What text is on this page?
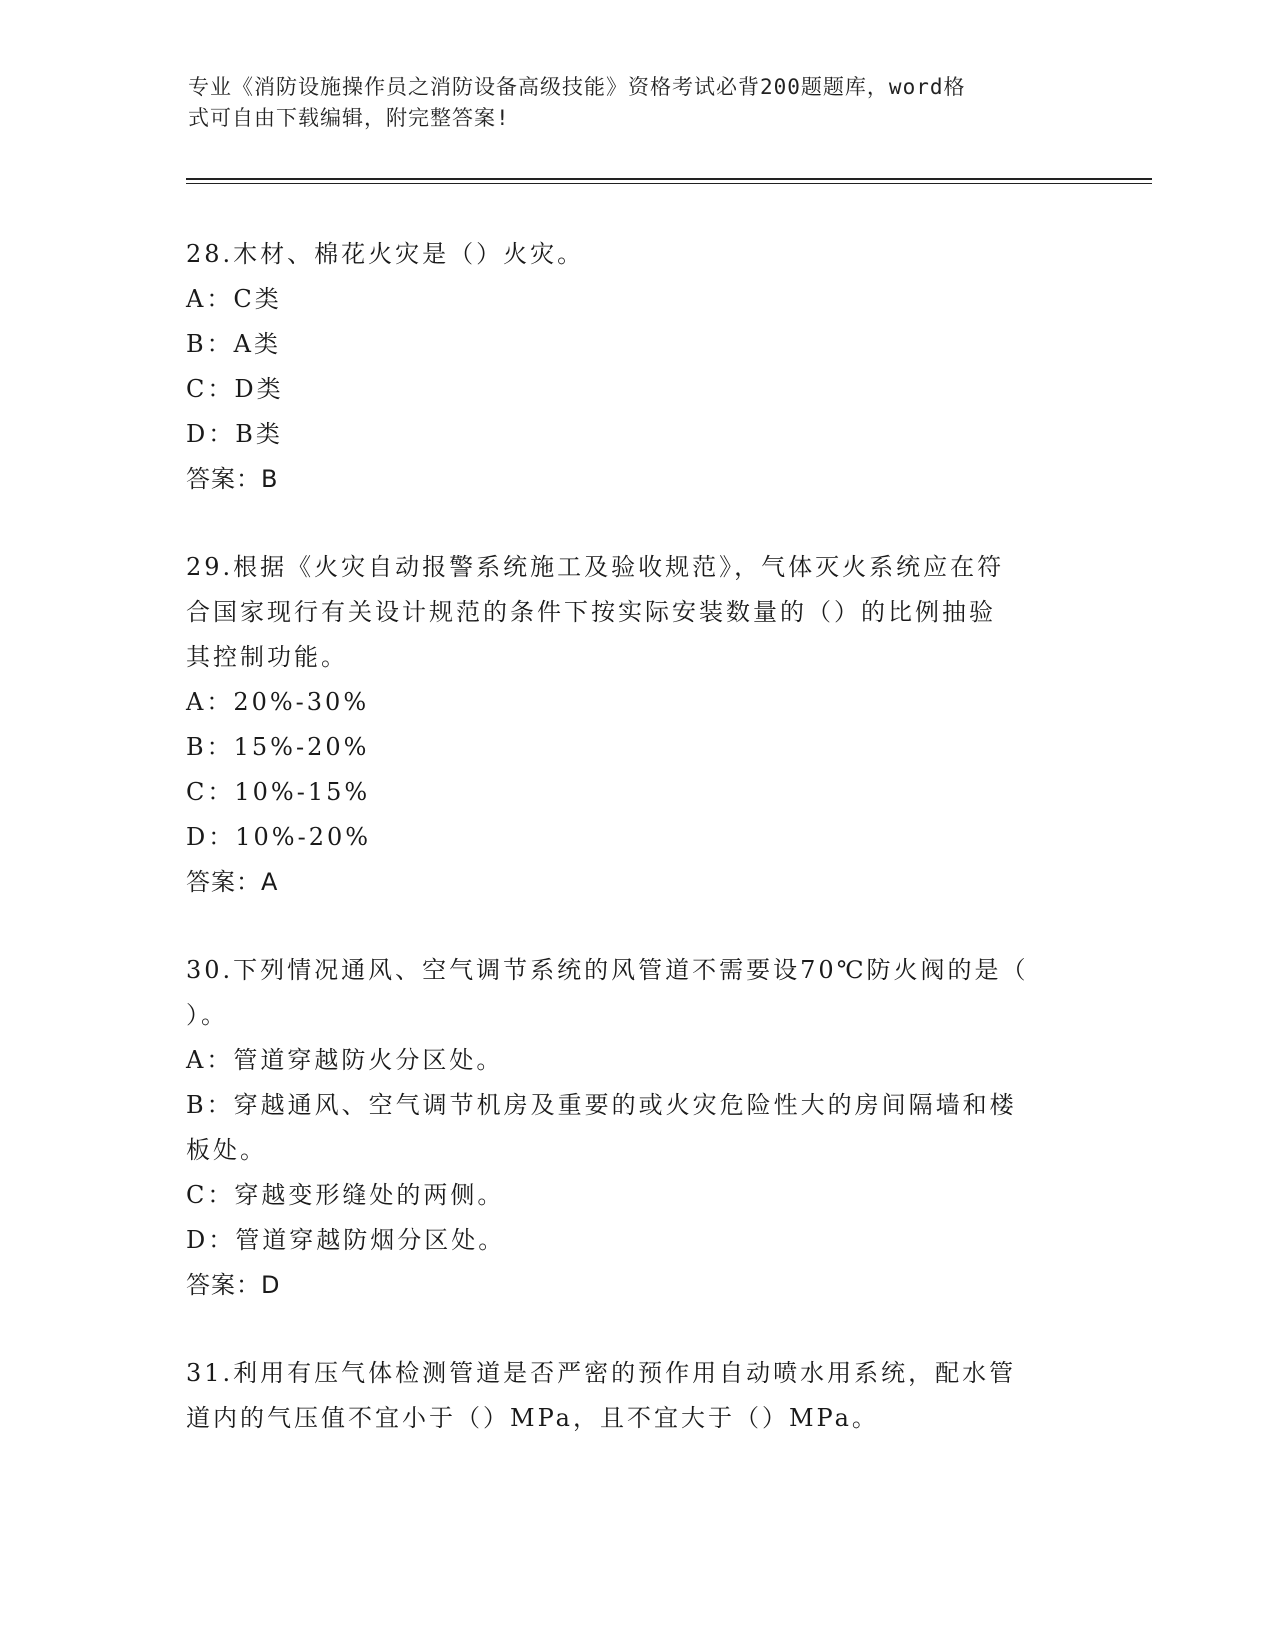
专业《消防设施操作员之消防设备高级技能》资格考试必背200题题库，word格
式可自由下载编辑，附完整答案!

28.木材、棉花火灾是（）火灾。

A：C类

B：A类

C：D类

D：B类

答案：B

29.根据《火灾自动报警系统施工及验收规范》，气体灭火系统应在符

合国家现行有关设计规范的条件下按实际安装数量的（）的比例抽验

其控制功能。

A：20%-30%

B：15%-20%

C：10%-15%

D：10%-20%

答案：A

30.下列情况通风、空气调节系统的风管道不需要设70℃防火阀的是（

）。

A：管道穿越防火分区处。

B：穿越通风、空气调节机房及重要的或火灾危险性大的房间隔墙和楼

板处。

C：穿越变形缝处的两侧。

D：管道穿越防烟分区处。

答案：D

31.利用有压气体检测管道是否严密的预作用自动喷水用系统，配水管

道内的气压值不宜小于（）MPa，且不宜大于（）MPa。
